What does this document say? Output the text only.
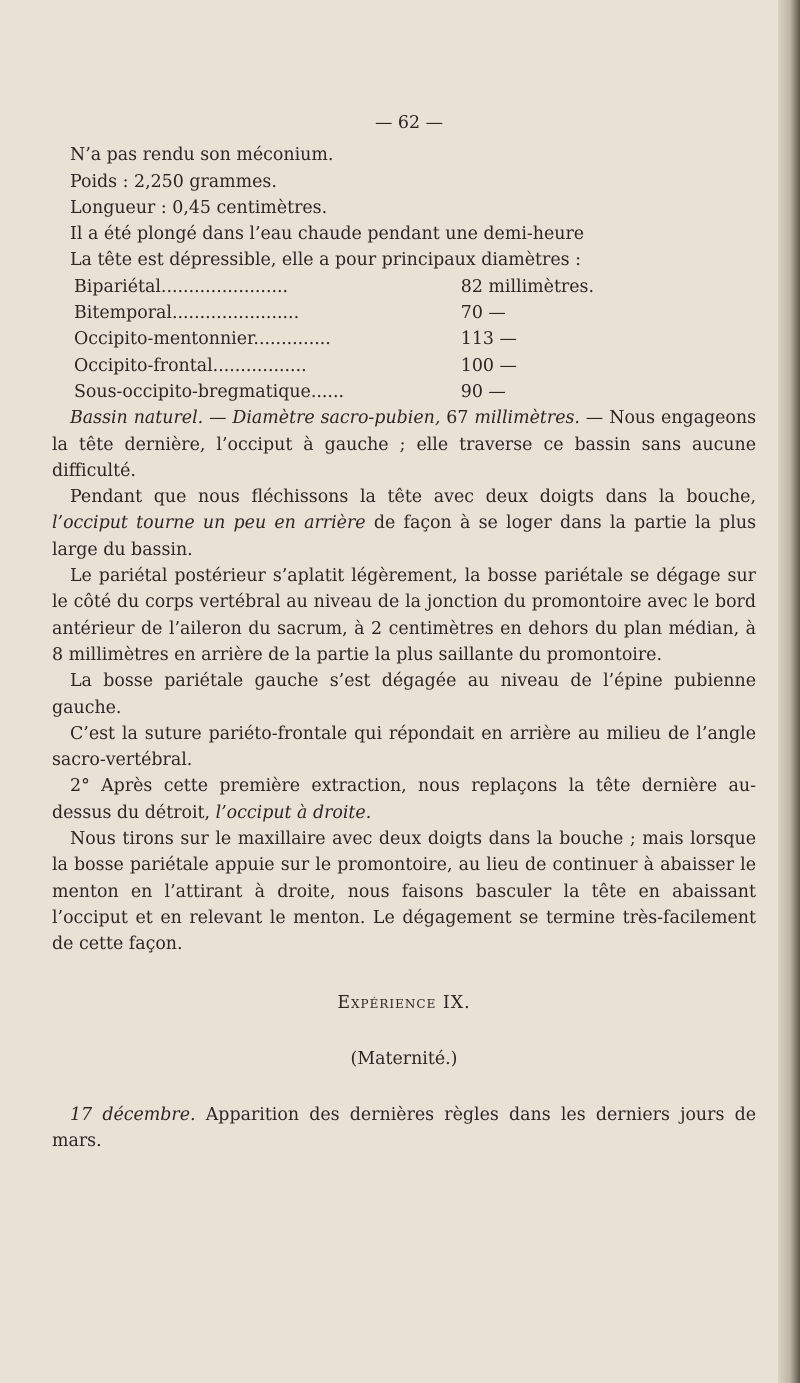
— 62 —

N’a pas rendu son méconium.

Poids : 2,250 grammes.

Longueur : 0,45 centimètres.

Il a été plongé dans l’eau chaude pendant une demi-heure

La tête est dépressible, elle a pour principaux diamètres :

Bipariétal.......................	82 millimètres.
Bitemporal.......................	70 —
Occipito-mentonnier..............	113 —
Occipito-frontal.................	100 —
Sous-occipito-bregmatique......	90 —

Bassin naturel. — Diamètre sacro-pubien, 67 millimètres. — Nous engageons la tête dernière, l’occiput à gauche ; elle traverse ce bassin sans aucune difficulté.

Pendant que nous fléchissons la tête avec deux doigts dans la bouche, l’occiput tourne un peu en arrière de façon à se loger dans la partie la plus large du bassin.

Le pariétal postérieur s’aplatit légèrement, la bosse pariétale se dégage sur le côté du corps vertébral au niveau de la jonction du promontoire avec le bord antérieur de l’aileron du sacrum, à 2 centimètres en dehors du plan médian, à 8 millimètres en arrière de la partie la plus saillante du promontoire.

La bosse pariétale gauche s’est dégagée au niveau de l’épine pubienne gauche.

C’est la suture pariéto-frontale qui répondait en arrière au milieu de l’angle sacro-vertébral.

2° Après cette première extraction, nous replaçons la tête dernière au-dessus du détroit, l’occiput à droite.

Nous tirons sur le maxillaire avec deux doigts dans la bouche ; mais lorsque la bosse pariétale appuie sur le promontoire, au lieu de continuer à abaisser le menton en l’attirant à droite, nous faisons basculer la tête en abaissant l’occiput et en relevant le menton. Le dégagement se termine très-facilement de cette façon.

Expérience IX.

(Maternité.)

17 décembre. Apparition des dernières règles dans les derniers jours de mars.
